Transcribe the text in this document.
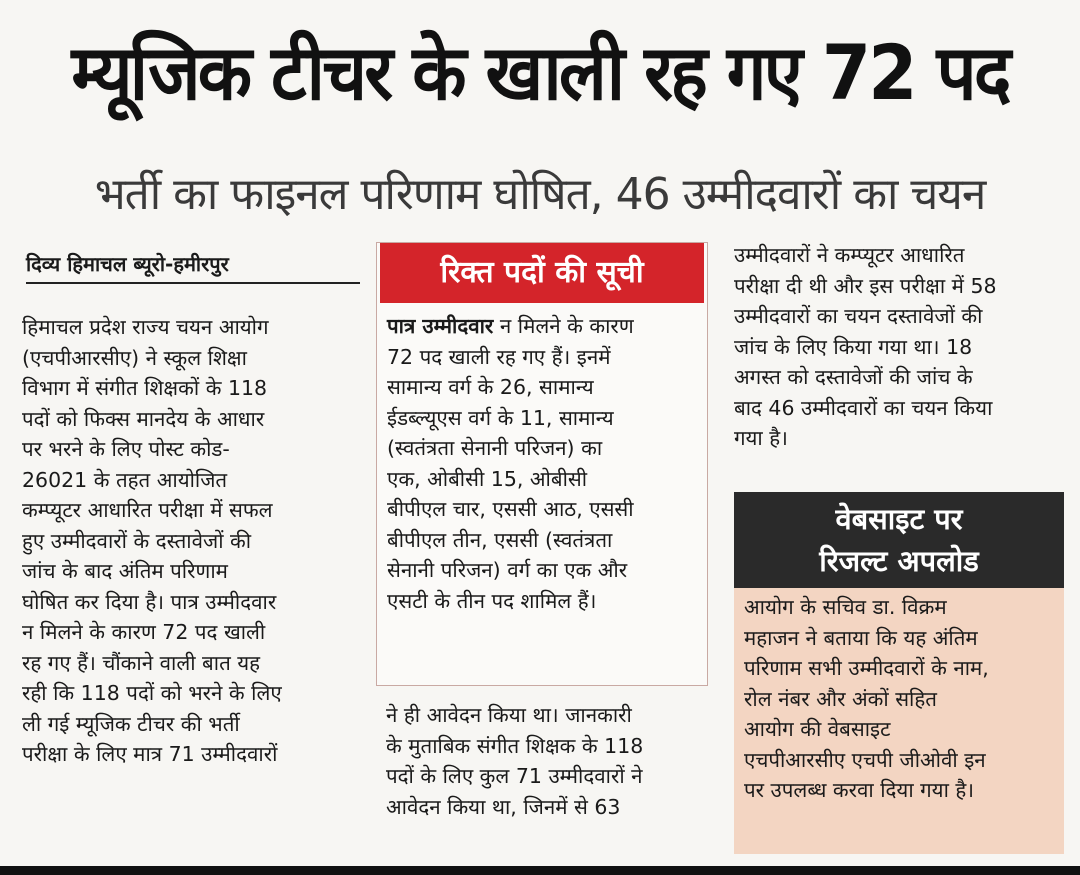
म्यूजिक टीचर के खाली रह गए 72 पद
भर्ती का फाइनल परिणाम घोषित, 46 उम्मीदवारों का चयन
दिव्य हिमाचल ब्यूरो-हमीरपुर

हिमाचल प्रदेश राज्य चयन आयोग

(एचपीआरसीए) ने स्कूल शिक्षा

विभाग में संगीत शिक्षकों के 118

पदों को फिक्स मानदेय के आधार

पर भरने के लिए पोस्ट कोड-

26021 के तहत आयोजित

कम्प्यूटर आधारित परीक्षा में सफल

हुए उम्मीदवारों के दस्तावेजों की

जांच के बाद अंतिम परिणाम

घोषित कर दिया है। पात्र उम्मीदवार

न मिलने के कारण 72 पद खाली

रह गए हैं। चौंकाने वाली बात यह

रही कि 118 पदों को भरने के लिए

ली गई म्यूजिक टीचर की भर्ती

परीक्षा के लिए मात्र 71 उम्मीदवारों

रिक्त पदों की सूची

पात्र उम्मीदवार न मिलने के कारण

72 पद खाली रह गए हैं। इनमें

सामान्य वर्ग के 26, सामान्य

ईडब्ल्यूएस वर्ग के 11, सामान्य

(स्वतंत्रता सेनानी परिजन) का

एक, ओबीसी 15, ओबीसी

बीपीएल चार, एससी आठ, एससी

बीपीएल तीन, एससी (स्वतंत्रता

सेनानी परिजन) वर्ग का एक और

एसटी के तीन पद शामिल हैं।

ने ही आवेदन किया था। जानकारी

के मुताबिक संगीत शिक्षक के 118

पदों के लिए कुल 71 उम्मीदवारों ने

आवेदन किया था, जिनमें से 63

उम्मीदवारों ने कम्प्यूटर आधारित

परीक्षा दी थी और इस परीक्षा में 58

उम्मीदवारों का चयन दस्तावेजों की

जांच के लिए किया गया था। 18

अगस्त को दस्तावेजों की जांच के

बाद 46 उम्मीदवारों का चयन किया

गया है।

वेबसाइट पर
रिजल्ट अपलोड

आयोग के सचिव डा. विक्रम

महाजन ने बताया कि यह अंतिम

परिणाम सभी उम्मीदवारों के नाम,

रोल नंबर और अंकों सहित

आयोग की वेबसाइट

एचपीआरसीए एचपी जीओवी इन

पर उपलब्ध करवा दिया गया है।
